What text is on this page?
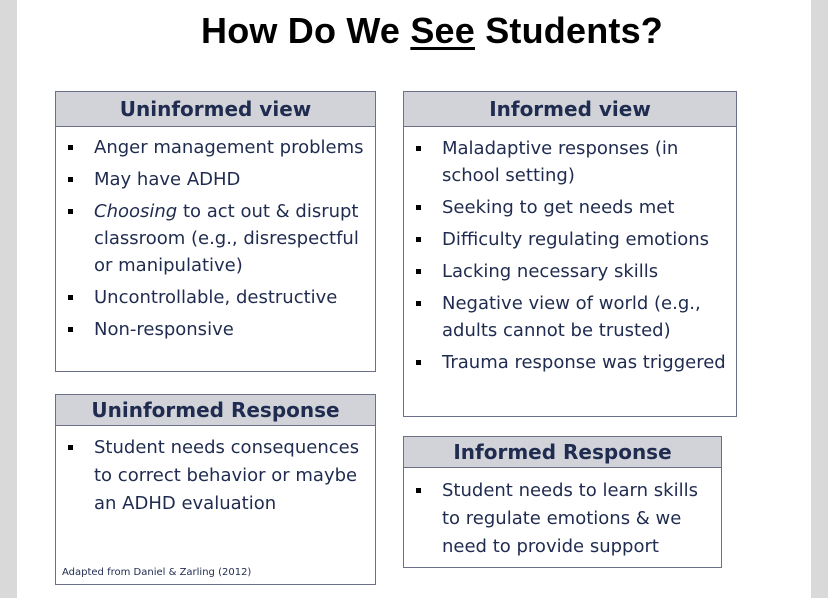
How Do We See Students?
Uninformed view
Anger management problems
May have ADHD
Choosing to act out & disrupt classroom (e.g., disrespectful or manipulative)
Uncontrollable, destructive
Non-responsive
Informed view
Maladaptive responses (in school setting)
Seeking to get needs met
Difficulty regulating emotions
Lacking necessary skills
Negative view of world (e.g., adults cannot be trusted)
Trauma response was triggered
Uninformed Response
Student needs consequences to correct behavior or maybe an ADHD evaluation
Adapted from Daniel & Zarling (2012)
Informed Response
Student needs to learn skills to regulate emotions & we need to provide support
